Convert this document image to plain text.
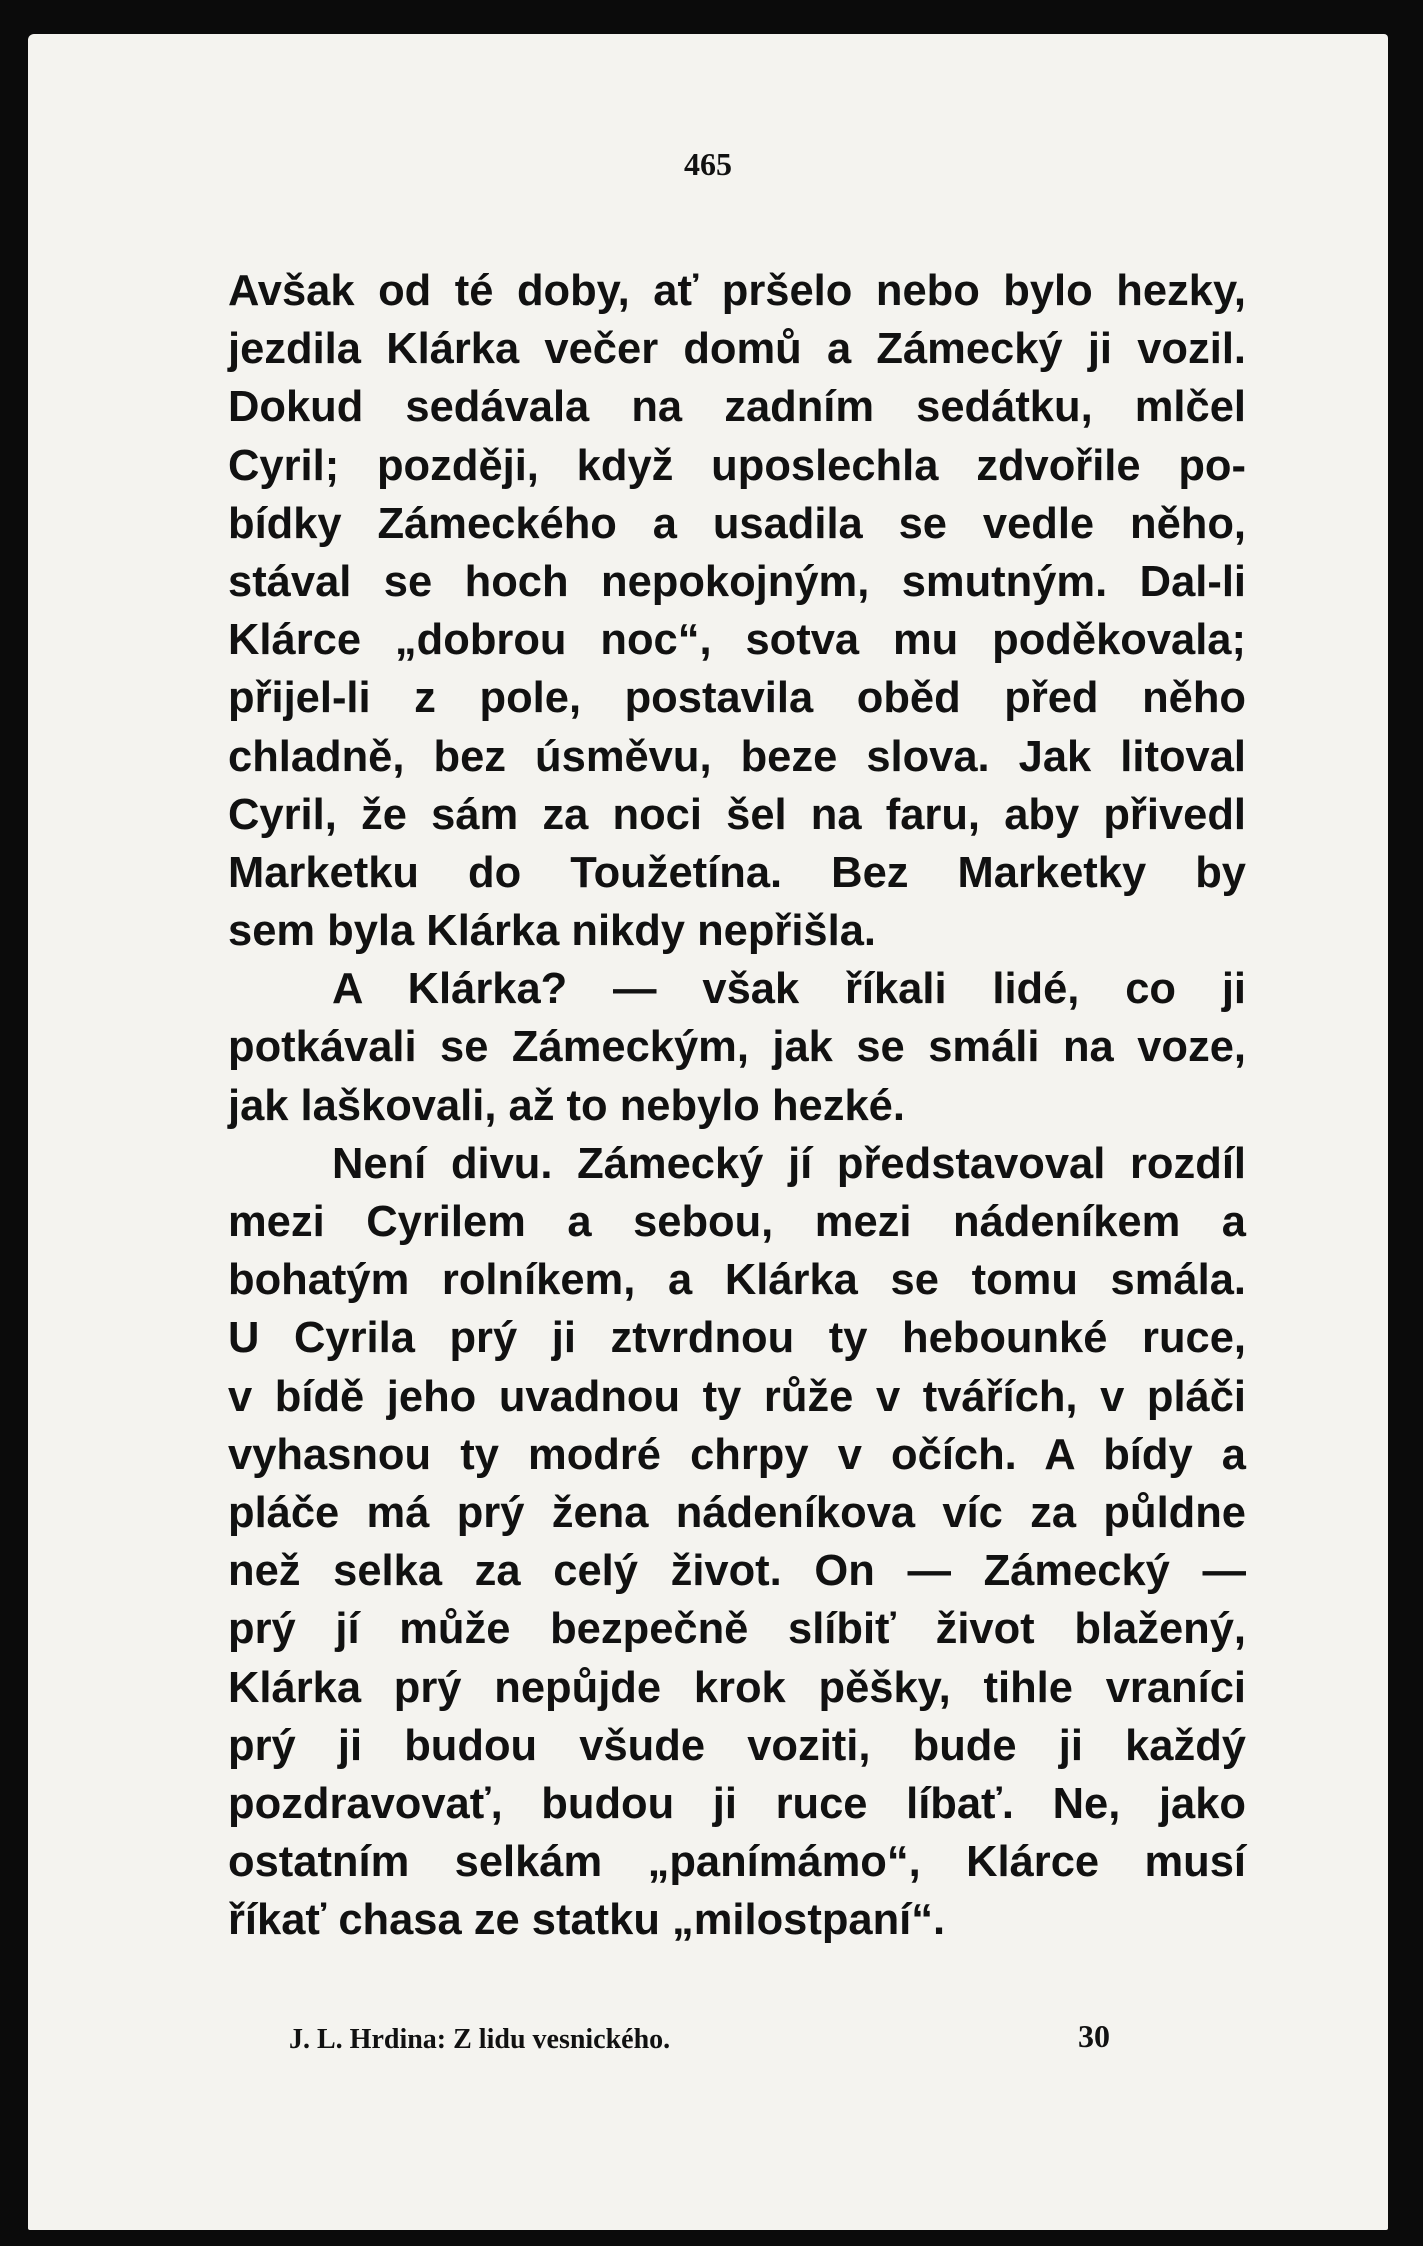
465
Avšak od té doby, ať pršelo nebo bylo hezky,
jezdila Klárka večer domů a Zámecký ji vozil.
Dokud sedávala na zadním sedátku, mlčel
Cyril; později, když uposlechla zdvořile po-
bídky Zámeckého a usadila se vedle něho,
stával se hoch nepokojným, smutným. Dal-li
Klárce „dobrou noc“, sotva mu poděkovala;
přijel-li z pole, postavila oběd před něho
chladně, bez úsměvu, beze slova. Jak litoval
Cyril, že sám za noci šel na faru, aby přivedl
Marketku do Toužetína. Bez Marketky by
sem byla Klárka nikdy nepřišla.
A Klárka? — však říkali lidé, co ji
potkávali se Zámeckým, jak se smáli na voze,
jak laškovali, až to nebylo hezké.
Není divu. Zámecký jí představoval rozdíl
mezi Cyrilem a sebou, mezi nádeníkem a
bohatým rolníkem, a Klárka se tomu smála.
U Cyrila prý ji ztvrdnou ty hebounké ruce,
v bídě jeho uvadnou ty růže v tvářích, v pláči
vyhasnou ty modré chrpy v očích. A bídy a
pláče má prý žena nádeníkova víc za půldne
než selka za celý život. On — Zámecký —
prý jí může bezpečně slíbiť život blažený,
Klárka prý nepůjde krok pěšky, tihle vraníci
prý ji budou všude voziti, bude ji každý
pozdravovať, budou ji ruce líbať. Ne, jako
ostatním selkám „panímámo“, Klárce musí
říkať chasa ze statku „milostpaní“.
J. L. Hrdina: Z lidu vesnického.	30
